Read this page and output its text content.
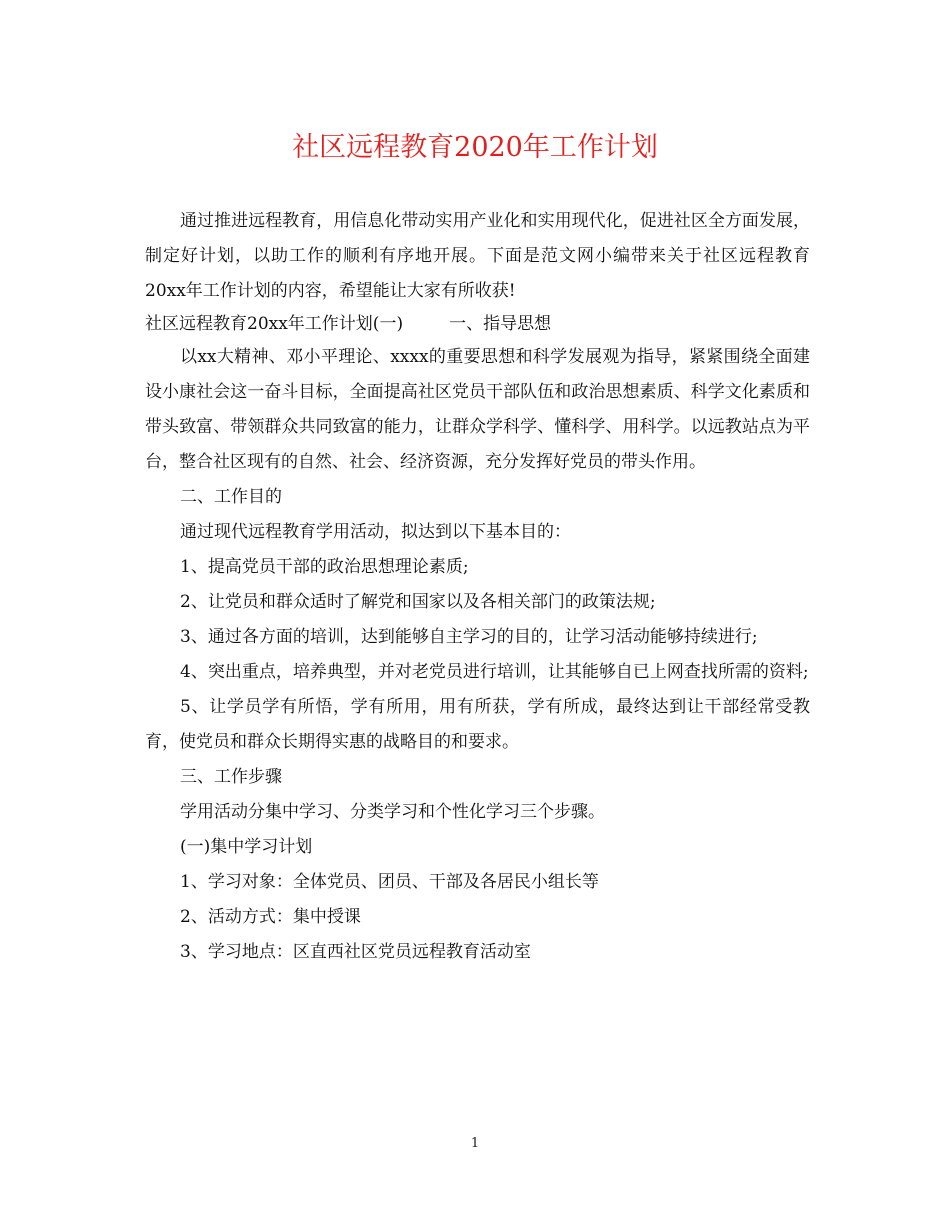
社区远程教育2020年工作计划

通过推进远程教育，用信息化带动实用产业化和实用现代化，促进社区全方面发展，制定好计划，以助工作的顺利有序地开展。下面是范文网小编带来关于社区远程教育20xx年工作计划的内容，希望能让大家有所收获!

社区远程教育20xx年工作计划(一)	一、指导思想

以xx大精神、邓小平理论、xxxx的重要思想和科学发展观为指导，紧紧围绕全面建设小康社会这一奋斗目标，全面提高社区党员干部队伍和政治思想素质、科学文化素质和带头致富、带领群众共同致富的能力，让群众学科学、懂科学、用科学。以远教站点为平台，整合社区现有的自然、社会、经济资源，充分发挥好党员的带头作用。

二、工作目的

通过现代远程教育学用活动，拟达到以下基本目的：

1、提高党员干部的政治思想理论素质;

2、让党员和群众适时了解党和国家以及各相关部门的政策法规;

3、通过各方面的培训，达到能够自主学习的目的，让学习活动能够持续进行;

4、突出重点，培养典型，并对老党员进行培训，让其能够自已上网查找所需的资料;

5、让学员学有所悟，学有所用，用有所获，学有所成，最终达到让干部经常受教育，使党员和群众长期得实惠的战略目的和要求。

三、工作步骤

学用活动分集中学习、分类学习和个性化学习三个步骤。

(一)集中学习计划

1、学习对象：全体党员、团员、干部及各居民小组长等

2、活动方式：集中授课

3、学习地点：区直西社区党员远程教育活动室

1
